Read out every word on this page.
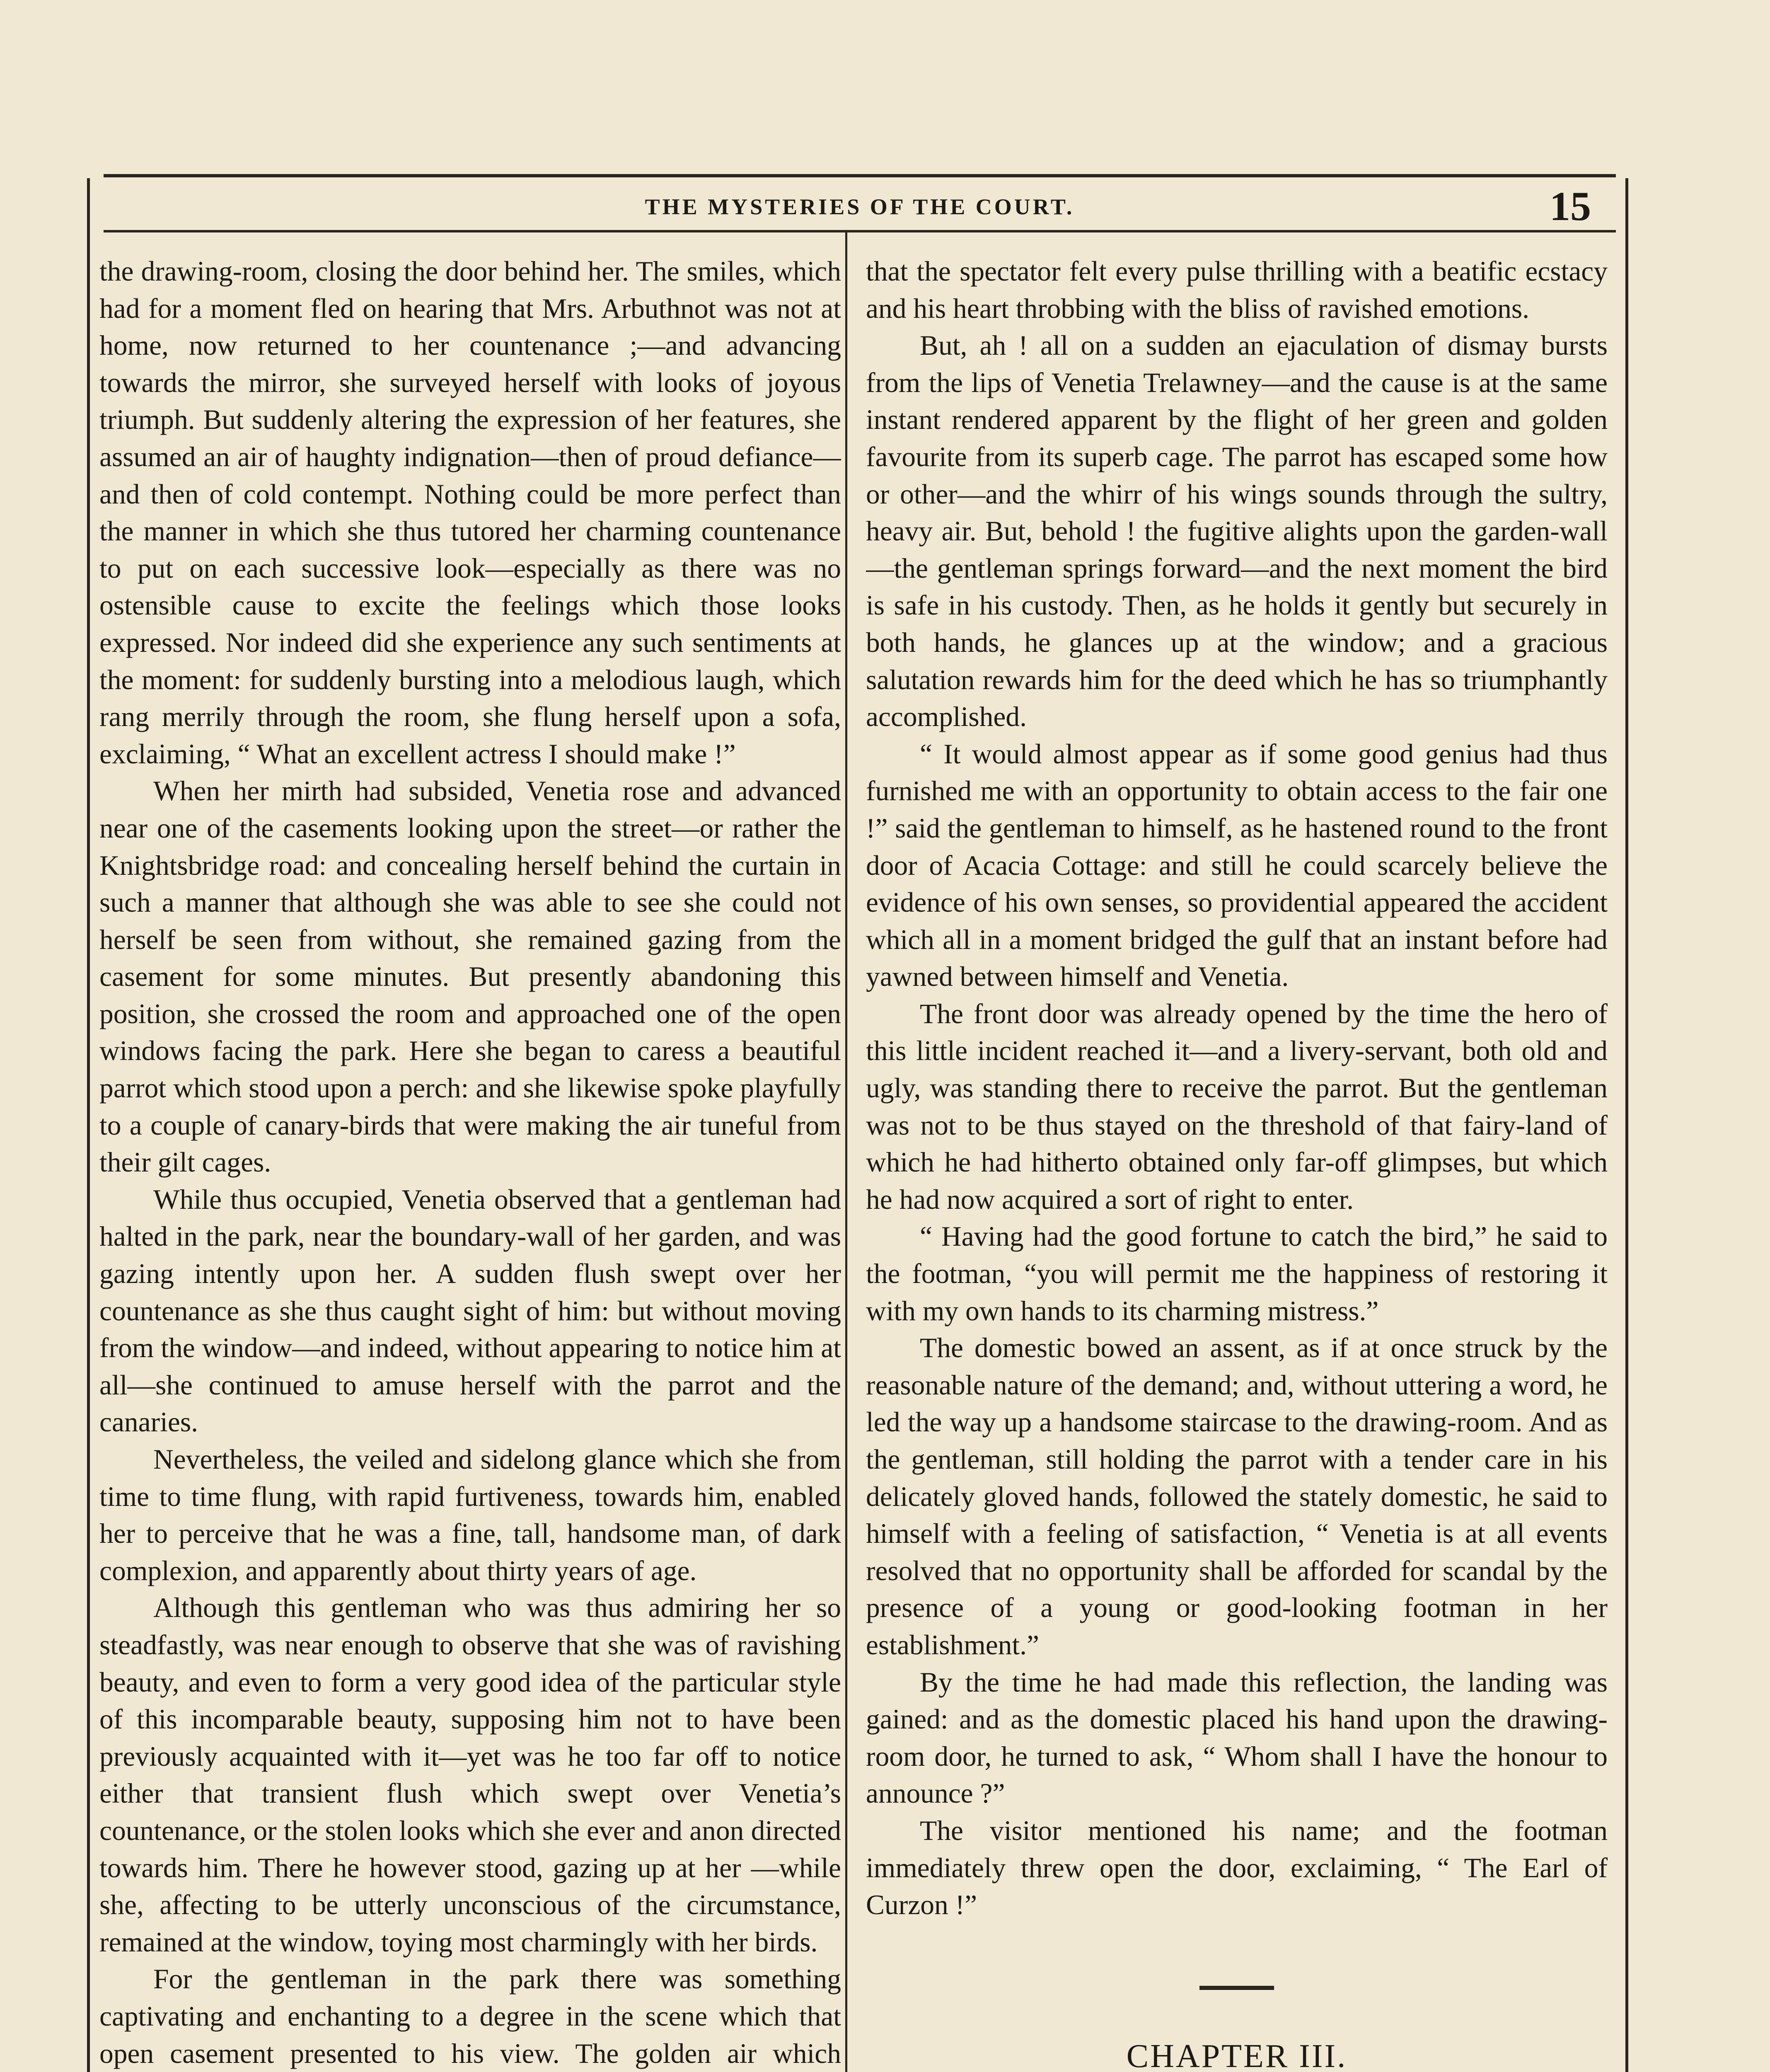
THE MYSTERIES OF THE COURT.	15

the drawing-room, closing the door behind her. The smiles, which had for a moment fled on hearing that Mrs. Arbuthnot was not at home, now returned to her countenance ;—and advancing towards the mirror, she surveyed herself with looks of joyous triumph. But suddenly altering the expression of her features, she assumed an air of haughty indignation—then of proud defiance—and then of cold contempt. Nothing could be more perfect than the manner in which she thus tutored her charming countenance to put on each successive look—especially as there was no ostensible cause to excite the feelings which those looks expressed. Nor indeed did she experience any such sentiments at the moment: for suddenly bursting into a melodious laugh, which rang merrily through the room, she flung herself upon a sofa, exclaiming, “ What an excellent actress I should make !”

When her mirth had subsided, Venetia rose and advanced near one of the casements looking upon the street—or rather the Knightsbridge road: and concealing herself behind the curtain in such a manner that although she was able to see she could not herself be seen from without, she remained gazing from the casement for some minutes. But presently abandoning this position, she crossed the room and approached one of the open windows facing the park. Here she began to caress a beautiful parrot which stood upon a perch: and she likewise spoke playfully to a couple of canary-birds that were making the air tuneful from their gilt cages.

While thus occupied, Venetia observed that a gentleman had halted in the park, near the boundary-wall of her garden, and was gazing intently upon her. A sudden flush swept over her countenance as she thus caught sight of him: but without moving from the window—and indeed, without appearing to notice him at all—she continued to amuse herself with the parrot and the canaries.

Nevertheless, the veiled and sidelong glance which she from time to time flung, with rapid furtiveness, towards him, enabled her to perceive that he was a fine, tall, handsome man, of dark complexion, and apparently about thirty years of age.

Although this gentleman who was thus admiring her so steadfastly, was near enough to observe that she was of ravishing beauty, and even to form a very good idea of the particular style of this incomparable beauty, supposing him not to have been previously acquainted with it—yet was he too far off to notice either that transient flush which swept over Venetia’s countenance, or the stolen looks which she ever and anon directed towards him. There he however stood, gazing up at her —while she, affecting to be utterly unconscious of the circumstance, remained at the window, toying most charmingly with her birds.

For the gentleman in the park there was something captivating and enchanting to a degree in the scene which that open casement presented to his view. The golden air which

that the spectator felt every pulse thrilling with a beatific ecstacy and his heart throbbing with the bliss of ravished emotions.

But, ah ! all on a sudden an ejaculation of dismay bursts from the lips of Venetia Trelawney—and the cause is at the same instant rendered apparent by the flight of her green and golden favourite from its superb cage. The parrot has escaped some how or other—and the whirr of his wings sounds through the sultry, heavy air. But, behold ! the fugitive alights upon the garden-wall —the gentleman springs forward—and the next moment the bird is safe in his custody. Then, as he holds it gently but securely in both hands, he glances up at the window; and a gracious salutation rewards him for the deed which he has so triumphantly accomplished.

“ It would almost appear as if some good genius had thus furnished me with an opportunity to obtain access to the fair one !” said the gentleman to himself, as he hastened round to the front door of Acacia Cottage: and still he could scarcely believe the evidence of his own senses, so providential appeared the accident which all in a moment bridged the gulf that an instant before had yawned between himself and Venetia.

The front door was already opened by the time the hero of this little incident reached it—and a livery-servant, both old and ugly, was standing there to receive the parrot. But the gentleman was not to be thus stayed on the threshold of that fairy-land of which he had hitherto obtained only far-off glimpses, but which he had now acquired a sort of right to enter.

“ Having had the good fortune to catch the bird,” he said to the footman, “you will permit me the happiness of restoring it with my own hands to its charming mistress.”

The domestic bowed an assent, as if at once struck by the reasonable nature of the demand; and, without uttering a word, he led the way up a handsome staircase to the drawing-room. And as the gentleman, still holding the parrot with a tender care in his delicately gloved hands, followed the stately domestic, he said to himself with a feeling of satisfaction, “ Venetia is at all events resolved that no opportunity shall be afforded for scandal by the presence of a young or good-looking footman in her establishment.”

By the time he had made this reflection, the landing was gained: and as the domestic placed his hand upon the drawing-room door, he turned to ask, “ Whom shall I have the honour to announce ?”

The visitor mentioned his name; and the footman immediately threw open the door, exclaiming, “ The Earl of Curzon !”

CHAPTER III.
